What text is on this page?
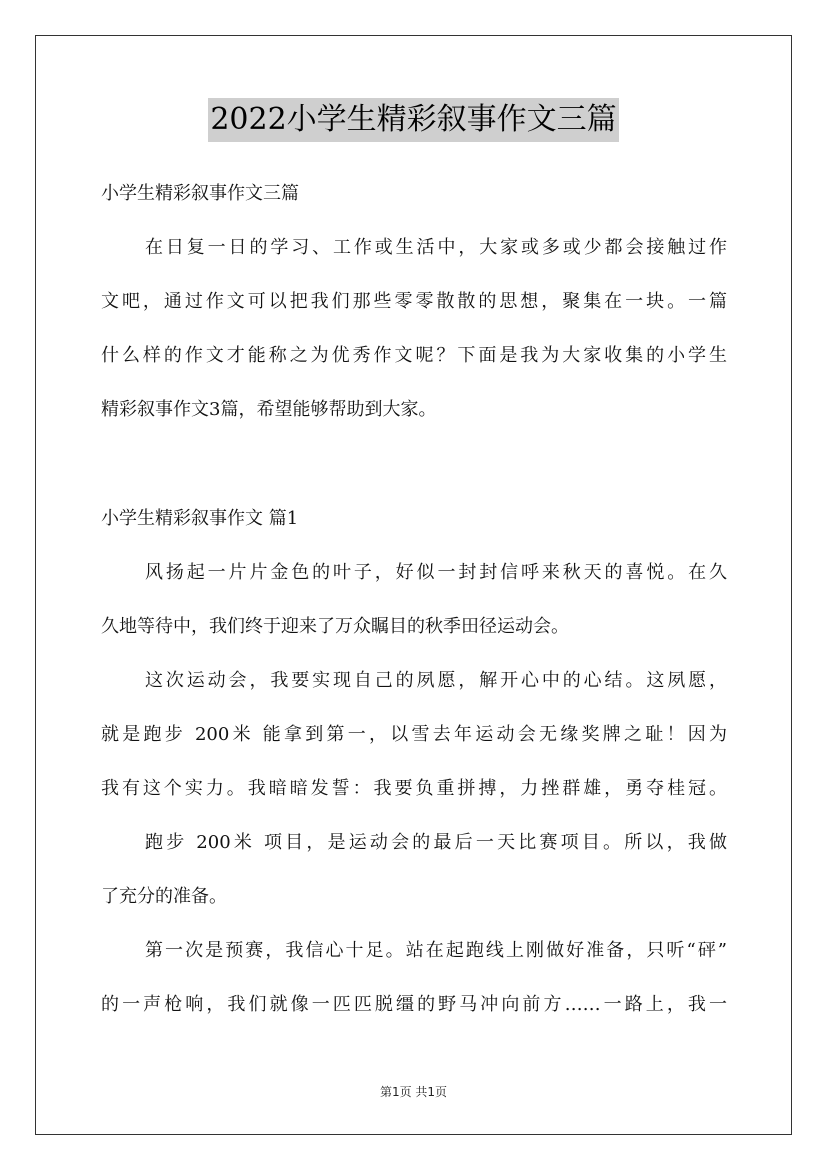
2022小学生精彩叙事作文三篇

小学生精彩叙事作文三篇

在日复一日的学习、工作或生活中，大家或多或少都会接触过作

文吧，通过作文可以把我们那些零零散散的思想，聚集在一块。一篇

什么样的作文才能称之为优秀作文呢？下面是我为大家收集的小学生

精彩叙事作文3篇，希望能够帮助到大家。

小学生精彩叙事作文 篇1

风扬起一片片金色的叶子，好似一封封信呼来秋天的喜悦。在久

久地等待中，我们终于迎来了万众瞩目的秋季田径运动会。

这次运动会，我要实现自己的夙愿，解开心中的心结。这夙愿，

就是跑步 200米 能拿到第一，以雪去年运动会无缘奖牌之耻！因为

我有这个实力。我暗暗发誓：我要负重拼搏，力挫群雄，勇夺桂冠。

跑步 200米 项目，是运动会的最后一天比赛项目。所以，我做

了充分的准备。

第一次是预赛，我信心十足。站在起跑线上刚做好准备，只听“砰”

的一声枪响，我们就像一匹匹脱缰的野马冲向前方……一路上，我一

第1页 共1页
